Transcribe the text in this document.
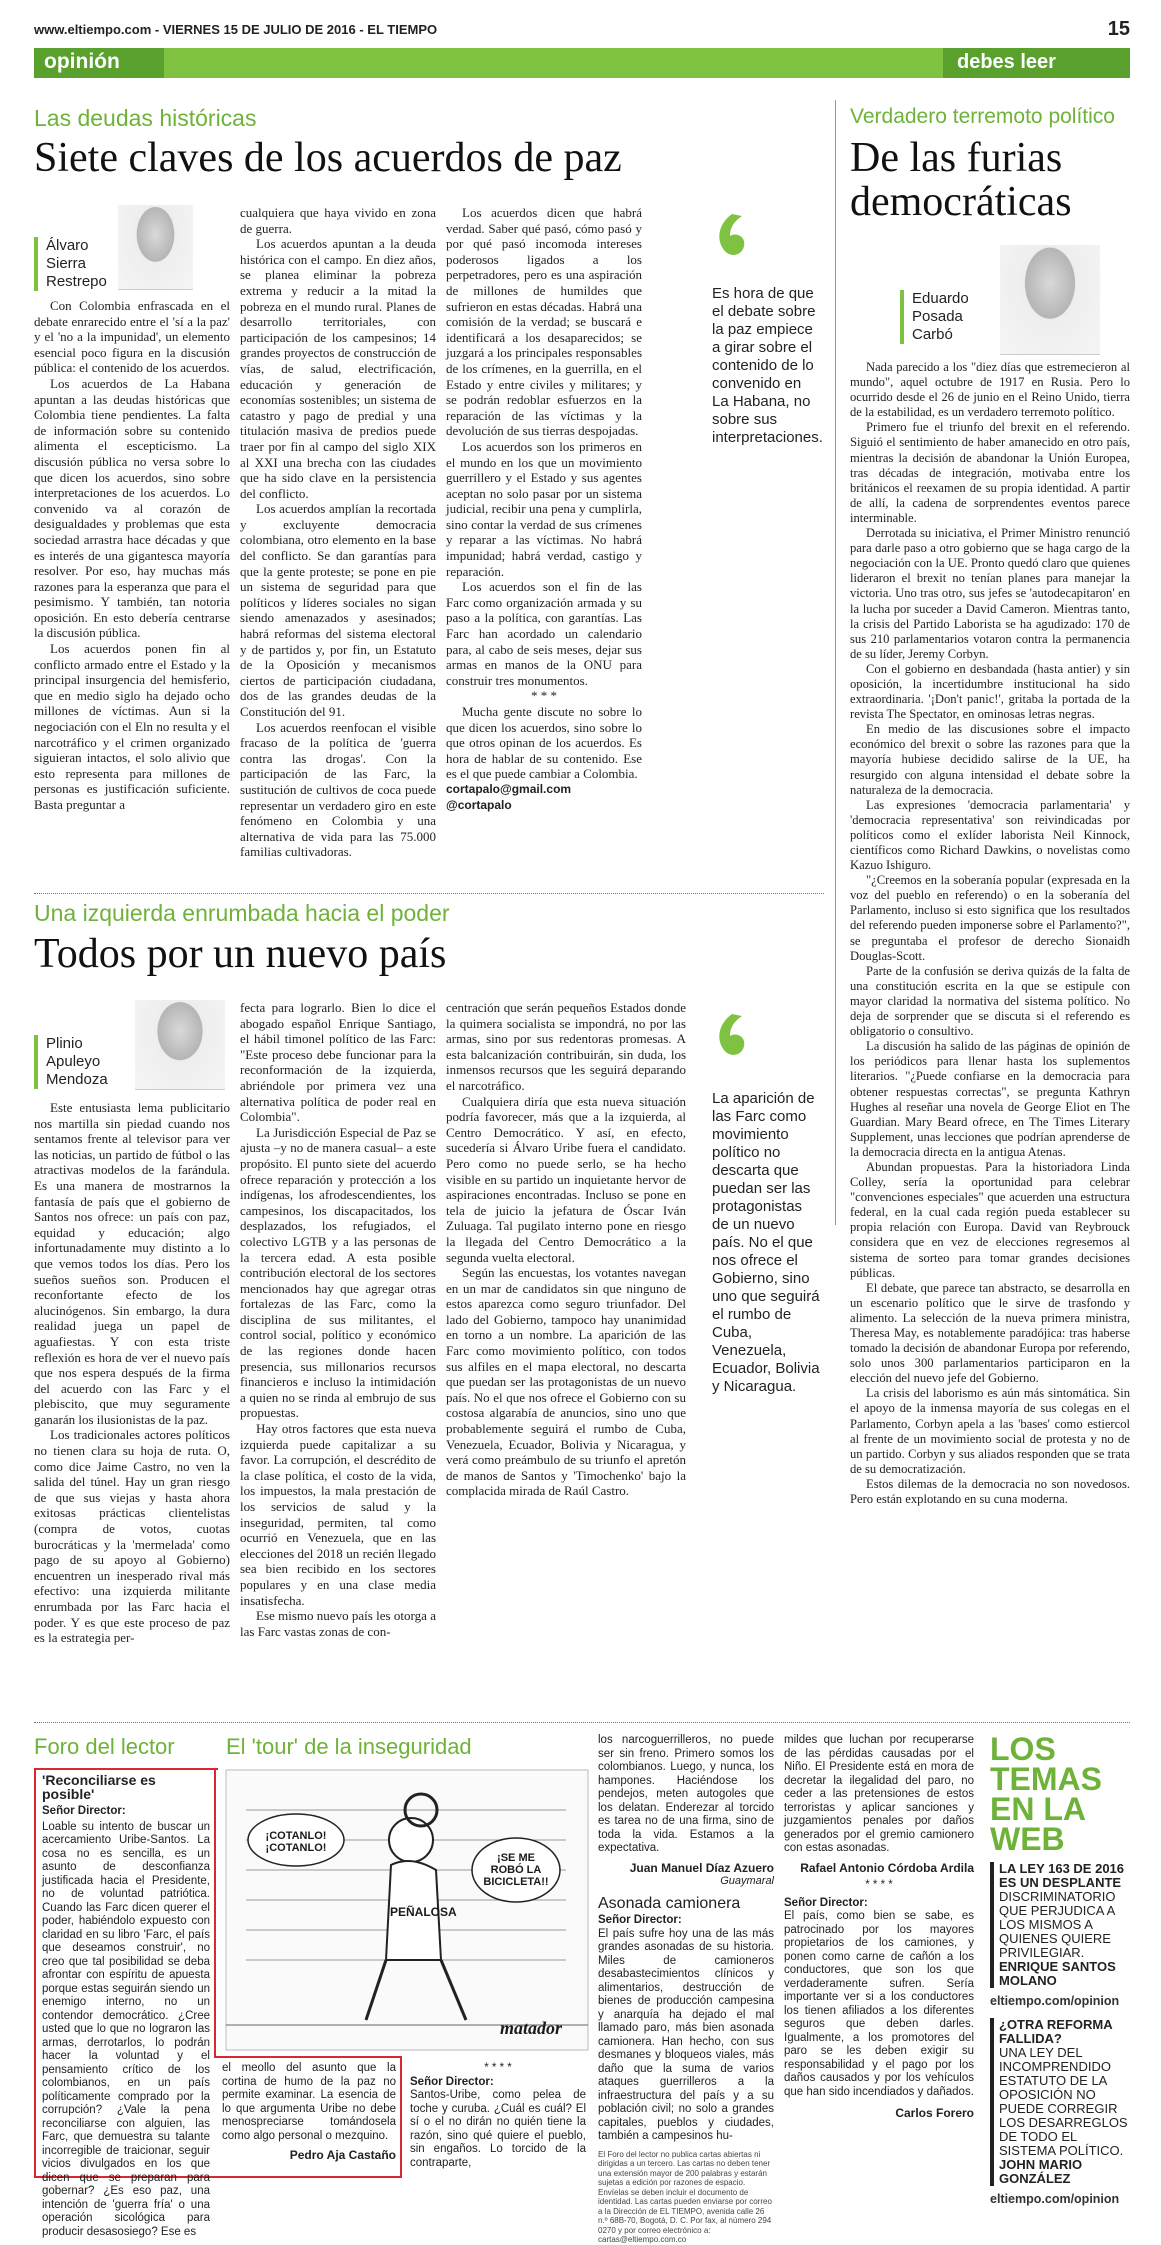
www.eltiempo.com - VIERNES 15 DE JULIO DE 2016 - EL TIEMPO	15
opinión	debes leer
Las deudas históricas
Siete claves de los acuerdos de paz
Álvaro
Sierra
Restrepo

Con Colombia enfrascada en el debate enrarecido entre el 'sí a la paz' y el 'no a la impunidad', un elemento esencial poco figura en la discusión pública: el contenido de los acuerdos.

Los acuerdos de La Habana apuntan a las deudas históricas que Colombia tiene pendientes. La falta de información sobre su contenido alimenta el escepticismo. La discusión pública no versa sobre lo que dicen los acuerdos, sino sobre interpretaciones de los acuerdos. Lo convenido va al corazón de desigualdades y problemas que esta sociedad arrastra hace décadas y que es interés de una gigantesca mayoría resolver. Por eso, hay muchas más razones para la esperanza que para el pesimismo. Y también, tan notoria oposición. En esto debería centrarse la discusión pública.

Los acuerdos ponen fin al conflicto armado entre el Estado y la principal insurgencia del hemisferio, que en medio siglo ha dejado ocho millones de víctimas. Aun si la negociación con el Eln no resulta y el narcotráfico y el crimen organizado siguieran intactos, el solo alivio que esto representa para millones de personas es justificación suficiente. Basta preguntar a

cualquiera que haya vivido en zona de guerra.

Los acuerdos apuntan a la deuda histórica con el campo. En diez años, se planea eliminar la pobreza extrema y reducir a la mitad la pobreza en el mundo rural. Planes de desarrollo territoriales, con participación de los campesinos; 14 grandes proyectos de construcción de vías, de salud, electrificación, educación y generación de economías sostenibles; un sistema de catastro y pago de predial y una titulación masiva de predios puede traer por fin al campo del siglo XIX al XXI una brecha con las ciudades que ha sido clave en la persistencia del conflicto.

Los acuerdos amplían la recortada y excluyente democracia colombiana, otro elemento en la base del conflicto. Se dan garantías para que la gente proteste; se pone en pie un sistema de seguridad para que políticos y líderes sociales no sigan siendo amenazados y asesinados; habrá reformas del sistema electoral y de partidos y, por fin, un Estatuto de la Oposición y mecanismos ciertos de participación ciudadana, dos de las grandes deudas de la Constitución del 91.

Los acuerdos reenfocan el visible fracaso de la política de 'guerra contra las drogas'. Con la participación de las Farc, la sustitución de cultivos de coca puede representar un verdadero giro en este fenómeno en Colombia y una alternativa de vida para las 75.000 familias cultivadoras.

Los acuerdos dicen que habrá verdad. Saber qué pasó, cómo pasó y por qué pasó incomoda intereses poderosos ligados a los perpetradores, pero es una aspiración de millones de humildes que sufrieron en estas décadas. Habrá una comisión de la verdad; se buscará e identificará a los desaparecidos; se juzgará a los principales responsables de los crímenes, en la guerrilla, en el Estado y entre civiles y militares; y se podrán redoblar esfuerzos en la reparación de las víctimas y la devolución de sus tierras despojadas.

Los acuerdos son los primeros en el mundo en los que un movimiento guerrillero y el Estado y sus agentes aceptan no solo pasar por un sistema judicial, recibir una pena y cumplirla, sino contar la verdad de sus crímenes y reparar a las víctimas. No habrá impunidad; habrá verdad, castigo y reparación.

Los acuerdos son el fin de las Farc como organización armada y su paso a la política, con garantías. Las Farc han acordado un calendario para, al cabo de seis meses, dejar sus armas en manos de la ONU para construir tres monumentos.

* * *

Mucha gente discute no sobre lo que dicen los acuerdos, sino sobre lo que otros opinan de los acuerdos. Es hora de hablar de su contenido. Ese es el que puede cambiar a Colombia.

cortapalo@gmail.com

@cortapalo

Es hora de que el debate sobre la paz empiece a girar sobre el contenido de lo convenido en La Habana, no sobre sus interpretaciones.
Una izquierda enrumbada hacia el poder
Todos por un nuevo país
Plinio
Apuleyo
Mendoza

Este entusiasta lema publicitario nos martilla sin piedad cuando nos sentamos frente al televisor para ver las noticias, un partido de fútbol o las atractivas modelos de la farándula. Es una manera de mostrarnos la fantasía de país que el gobierno de Santos nos ofrece: un país con paz, equidad y educación; algo infortunadamente muy distinto a lo que vemos todos los días. Pero los sueños sueños son. Producen el reconfortante efecto de los alucinógenos. Sin embargo, la dura realidad juega un papel de aguafiestas. Y con esta triste reflexión es hora de ver el nuevo país que nos espera después de la firma del acuerdo con las Farc y el plebiscito, que muy seguramente ganarán los ilusionistas de la paz.

Los tradicionales actores políticos no tienen clara su hoja de ruta. O, como dice Jaime Castro, no ven la salida del túnel. Hay un gran riesgo de que sus viejas y hasta ahora exitosas prácticas clientelistas (compra de votos, cuotas burocráticas y la 'mermelada' como pago de su apoyo al Gobierno) encuentren un inesperado rival más efectivo: una izquierda militante enrumbada por las Farc hacia el poder. Y es que este proceso de paz es la estrategia per-

fecta para lograrlo. Bien lo dice el abogado español Enrique Santiago, el hábil timonel político de las Farc: "Este proceso debe funcionar para la reconformación de la izquierda, abriéndole por primera vez una alternativa política de poder real en Colombia".

La Jurisdicción Especial de Paz se ajusta –y no de manera casual– a este propósito. El punto siete del acuerdo ofrece reparación y protección a los indígenas, los afrodescendientes, los campesinos, los discapacitados, los desplazados, los refugiados, el colectivo LGTB y a las personas de la tercera edad. A esta posible contribución electoral de los sectores mencionados hay que agregar otras fortalezas de las Farc, como la disciplina de sus militantes, el control social, político y económico de las regiones donde hacen presencia, sus millonarios recursos financieros e incluso la intimidación a quien no se rinda al embrujo de sus propuestas.

Hay otros factores que esta nueva izquierda puede capitalizar a su favor. La corrupción, el descrédito de la clase política, el costo de la vida, los impuestos, la mala prestación de los servicios de salud y la inseguridad, permiten, tal como ocurrió en Venezuela, que en las elecciones del 2018 un recién llegado sea bien recibido en los sectores populares y en una clase media insatisfecha.

Ese mismo nuevo país les otorga a las Farc vastas zonas de con-

centración que serán pequeños Estados donde la quimera socialista se impondrá, no por las armas, sino por sus redentoras promesas. A esta balcanización contribuirán, sin duda, los inmensos recursos que les seguirá deparando el narcotráfico.

Cualquiera diría que esta nueva situación podría favorecer, más que a la izquierda, al Centro Democrático. Y así, en efecto, sucedería si Álvaro Uribe fuera el candidato. Pero como no puede serlo, se ha hecho visible en su partido un inquietante hervor de aspiraciones encontradas. Incluso se pone en tela de juicio la jefatura de Óscar Iván Zuluaga. Tal pugilato interno pone en riesgo la llegada del Centro Democrático a la segunda vuelta electoral.

Según las encuestas, los votantes navegan en un mar de candidatos sin que ninguno de estos aparezca como seguro triunfador. Del lado del Gobierno, tampoco hay unanimidad en torno a un nombre. La aparición de las Farc como movimiento político, con todos sus alfiles en el mapa electoral, no descarta que puedan ser las protagonistas de un nuevo país. No el que nos ofrece el Gobierno con su costosa algarabía de anuncios, sino uno que probablemente seguirá el rumbo de Cuba, Venezuela, Ecuador, Bolivia y Nicaragua, y verá como preámbulo de su triunfo el apretón de manos de Santos y 'Timochenko' bajo la complacida mirada de Raúl Castro.

La aparición de las Farc como movimiento político no descarta que puedan ser las protagonistas de un nuevo país. No el que nos ofrece el Gobierno, sino uno que seguirá el rumbo de Cuba, Venezuela, Ecuador, Bolivia y Nicaragua.
Verdadero terremoto político
De las furias democráticas
Eduardo
Posada
Carbó

Nada parecido a los "diez días que estremecieron al mundo", aquel octubre de 1917 en Rusia. Pero lo ocurrido desde el 26 de junio en el Reino Unido, tierra de la estabilidad, es un verdadero terremoto político.

Primero fue el triunfo del brexit en el referendo. Siguió el sentimiento de haber amanecido en otro país, mientras la decisión de abandonar la Unión Europea, tras décadas de integración, motivaba entre los británicos el reexamen de su propia identidad. A partir de allí, la cadena de sorprendentes eventos parece interminable.

Derrotada su iniciativa, el Primer Ministro renunció para darle paso a otro gobierno que se haga cargo de la negociación con la UE. Pronto quedó claro que quienes lideraron el brexit no tenían planes para manejar la victoria. Uno tras otro, sus jefes se 'autodecapitaron' en la lucha por suceder a David Cameron. Mientras tanto, la crisis del Partido Laborista se ha agudizado: 170 de sus 210 parlamentarios votaron contra la permanencia de su líder, Jeremy Corbyn.

Con el gobierno en desbandada (hasta antier) y sin oposición, la incertidumbre institucional ha sido extraordinaria. '¡Don't panic!', gritaba la portada de la revista The Spectator, en ominosas letras negras.

En medio de las discusiones sobre el impacto económico del brexit o sobre las razones para que la mayoría hubiese decidido salirse de la UE, ha resurgido con alguna intensidad el debate sobre la naturaleza de la democracia.

Las expresiones 'democracia parlamentaria' y 'democracia representativa' son reivindicadas por políticos como el exlíder laborista Neil Kinnock, científicos como Richard Dawkins, o novelistas como Kazuo Ishiguro.

"¿Creemos en la soberanía popular (expresada en la voz del pueblo en referendo) o en la soberanía del Parlamento, incluso si esto significa que los resultados del referendo pueden imponerse sobre el Parlamento?", se preguntaba el profesor de derecho Sionaidh Douglas-Scott.

Parte de la confusión se deriva quizás de la falta de una constitución escrita en la que se estipule con mayor claridad la normativa del sistema político. No deja de sorprender que se discuta si el referendo es obligatorio o consultivo.

La discusión ha salido de las páginas de opinión de los periódicos para llenar hasta los suplementos literarios. "¿Puede confiarse en la democracia para obtener respuestas correctas", se pregunta Kathryn Hughes al reseñar una novela de George Eliot en The Guardian. Mary Beard ofrece, en The Times Literary Supplement, unas lecciones que podrían aprenderse de la democracia directa en la antigua Atenas.

Abundan propuestas. Para la historiadora Linda Colley, sería la oportunidad para celebrar "convenciones especiales" que acuerden una estructura federal, en la cual cada región pueda establecer su propia relación con Europa. David van Reybrouck considera que en vez de elecciones regresemos al sistema de sorteo para tomar grandes decisiones públicas.

El debate, que parece tan abstracto, se desarrolla en un escenario político que le sirve de trasfondo y alimento. La selección de la nueva primera ministra, Theresa May, es notablemente paradójica: tras haberse tomado la decisión de abandonar Europa por referendo, solo unos 300 parlamentarios participaron en la elección del nuevo jefe del Gobierno.

La crisis del laborismo es aún más sintomática. Sin el apoyo de la inmensa mayoría de sus colegas en el Parlamento, Corbyn apela a las 'bases' como estiercol al frente de un movimiento social de protesta y no de un partido. Corbyn y sus aliados responden que se trata de su democratización.

Estos dilemas de la democracia no son novedosos. Pero están explotando en su cuna moderna.

Foro del lector
'Reconciliarse es posible'
Señor Director:

Loable su intento de buscar un acercamiento Uribe-Santos. La cosa no es sencilla, es un asunto de desconfianza justificada hacia el Presidente, no de voluntad patriótica. Cuando las Farc dicen querer el poder, habiéndolo expuesto con claridad en su libro 'Farc, el país que deseamos construir', no creo que tal posibilidad se deba afrontar con espíritu de apuesta porque estas seguirán siendo un enemigo interno, no un contendor democrático. ¿Cree usted que lo que no lograron las armas, derrotarlos, lo podrán hacer la voluntad y el pensamiento crítico de los colombianos, en un país políticamente comprado por la corrupción? ¿Vale la pena reconciliarse con alguien, las Farc, que demuestra su talante incorregible de traicionar, seguir vicios divulgados en los que dicen que se preparan para gobernar? ¿Es eso paz, una intención de 'guerra fría' o una operación sicológica para producir desasosiego? Ese es

el meollo del asunto que la cortina de humo de la paz no permite examinar. La esencia de lo que argumenta Uribe no debe menospreciarse tomándosela como algo personal o mezquino.

Pedro Aja Castaño
El 'tour' de la inseguridad
¡COTANLO! ¡COTANLO!
¡SE ME ROBÓ LA BICICLETA!!
PEÑALOSA
matador
* * * *
Señor Director:

Santos-Uribe, como pelea de toche y curuba. ¿Cuál es cuál? El sí o el no dirán no quién tiene la razón, sino qué quiere el pueblo, sin engaños. Lo torcido de la contraparte,

los narcoguerrilleros, no puede ser sin freno. Primero somos los colombianos. Luego, y nunca, los hampones. Haciéndose los pendejos, meten autogoles que los delatan. Enderezar al torcido es tarea no de una firma, sino de toda la vida. Estamos a la expectativa.

Juan Manuel Díaz Azuero
Guaymaral
Asonada camionera
Señor Director:

El país sufre hoy una de las más grandes asonadas de su historia. Miles de camioneros desabastecimientos clínicos y alimentarios, destrucción de bienes de producción campesina y anarquía ha dejado el mal llamado paro, más bien asonada camionera. Han hecho, con sus desmanes y bloqueos viales, más daño que la suma de varios ataques guerrilleros a la infraestructura del país y a su población civil; no solo a grandes capitales, pueblos y ciudades, también a campesinos hu-

El Foro del lector no publica cartas abiertas ni dirigidas a un tercero. Las cartas no deben tener una extensión mayor de 200 palabras y estarán sujetas a edición por razones de espacio. Envíelas se deben incluir el documento de identidad. Las cartas pueden enviarse por correo a la Dirección de EL TIEMPO, avenida calle 26 n.º 68B-70, Bogotá, D. C. Por fax, al número 294 0270 y por correo electrónico a: cartas@eltiempo.com.co

mildes que luchan por recuperarse de las pérdidas causadas por el Niño. El Presidente está en mora de decretar la ilegalidad del paro, no ceder a las pretensiones de estos terroristas y aplicar sanciones y juzgamientos penales por daños generados por el gremio camionero con estas asonadas.

Rafael Antonio Córdoba Ardila
* * * *
Señor Director:

El país, como bien se sabe, es patrocinado por los mayores propietarios de los camiones, y ponen como carne de cañón a los conductores, que son los que verdaderamente sufren. Sería importante ver si a los conductores los tienen afiliados a los diferentes seguros que deben darles. Igualmente, a los promotores del paro se les deben exigir su responsabilidad y el pago por los daños causados y por los vehículos que han sido incendiados y dañados.

Carlos Forero
LOS
TEMAS
EN LA
WEB
LA LEY 163 DE 2016 ES UN DESPLANTE
DISCRIMINATORIO QUE PERJUDICA A LOS MISMOS A QUIENES QUIERE PRIVILEGIAR.
ENRIQUE SANTOS MOLANO
eltiempo.com/opinion
¿OTRA REFORMA FALLIDA?
UNA LEY DEL INCOMPRENDIDO ESTATUTO DE LA OPOSICIÓN NO PUEDE CORREGIR LOS DESARREGLOS DE TODO EL SISTEMA POLÍTICO.
JOHN MARIO GONZÁLEZ
eltiempo.com/opinion
